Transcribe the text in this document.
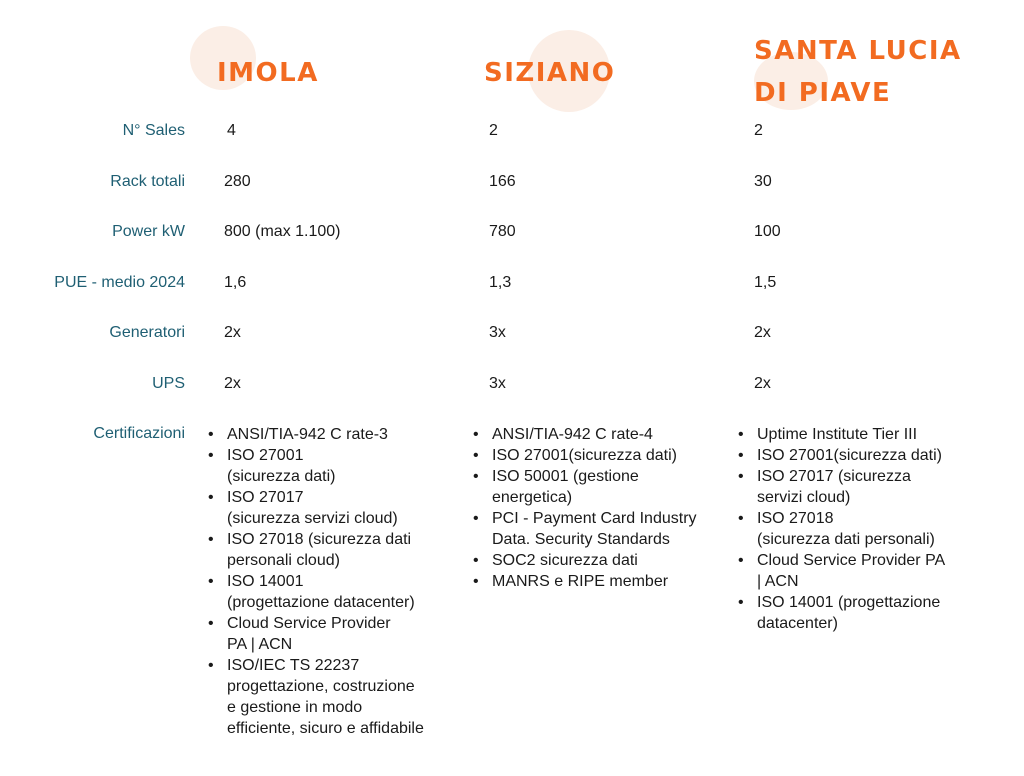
IMOLA	SIZIANO
SANTA LUCIA
DI PIAVE
N° Sales
Rack totali
Power kW
PUE - medio 2024
Generatori
UPS
Certificazioni
4
280
800 (max 1.100)
1,6
2x
2x
2
166
780
1,3
3x
3x
2
30
100
1,5
2x
2x
• ANSI/TIA-942 C rate-3
• ISO 27001
(sicurezza dati)
• ISO 27017
(sicurezza servizi cloud)
• ISO 27018 (sicurezza dati
personali cloud)
• ISO 14001
(progettazione datacenter)
• Cloud Service Provider
PA | ACN
• ISO/IEC TS 22237
progettazione, costruzione
e gestione in modo
efficiente, sicuro e affidabile
• ANSI/TIA-942 C rate-4
• ISO 27001(sicurezza dati)
• ISO 50001 (gestione
energetica)
• PCI - Payment Card Industry
Data. Security Standards
• SOC2 sicurezza dati
• MANRS e RIPE member
• Uptime Institute Tier III
• ISO 27001(sicurezza dati)
• ISO 27017 (sicurezza
servizi cloud)
• ISO 27018
(sicurezza dati personali)
• Cloud Service Provider PA
| ACN
• ISO 14001 (progettazione
datacenter)
